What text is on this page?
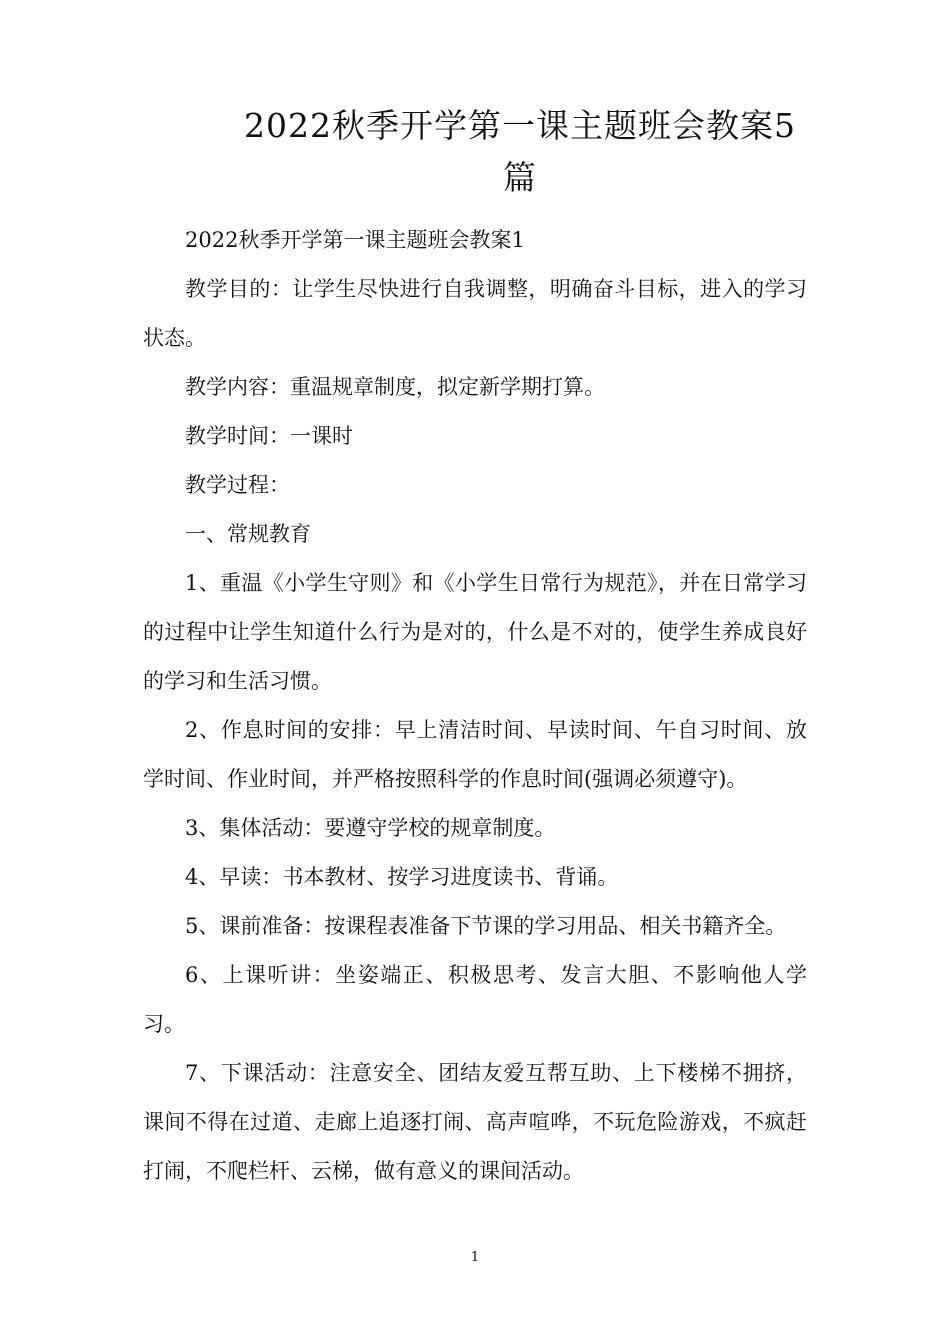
2022秋季开学第一课主题班会教案5篇

2022秋季开学第一课主题班会教案1

教学目的：让学生尽快进行自我调整，明确奋斗目标，进入的学习状态。

教学内容：重温规章制度，拟定新学期打算。

教学时间：一课时

教学过程：

一、常规教育

1、重温《小学生守则》和《小学生日常行为规范》，并在日常学习的过程中让学生知道什么行为是对的，什么是不对的，使学生养成良好的学习和生活习惯。

2、作息时间的安排：早上清洁时间、早读时间、午自习时间、放学时间、作业时间，并严格按照科学的作息时间(强调必须遵守)。

3、集体活动：要遵守学校的规章制度。

4、早读：书本教材、按学习进度读书、背诵。

5、课前准备：按课程表准备下节课的学习用品、相关书籍齐全。

6、上课听讲：坐姿端正、积极思考、发言大胆、不影响他人学习。

7、下课活动：注意安全、团结友爱互帮互助、上下楼梯不拥挤，课间不得在过道、走廊上追逐打闹、高声喧哗，不玩危险游戏，不疯赶打闹，不爬栏杆、云梯，做有意义的课间活动。

1
